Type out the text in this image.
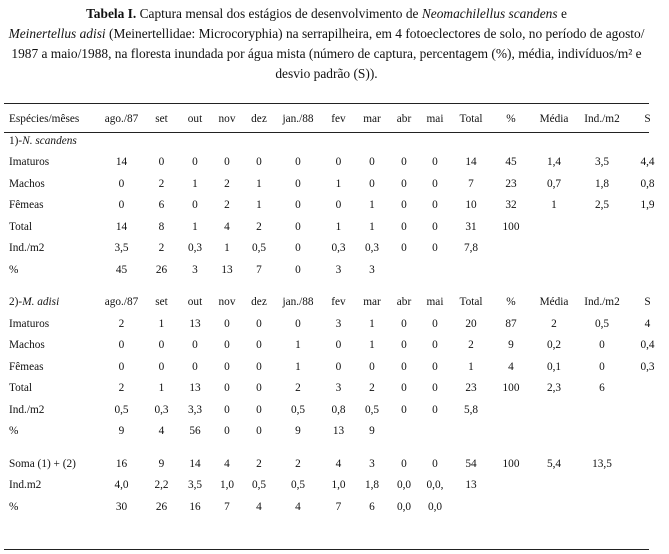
Tabela I. Captura mensal dos estágios de desenvolvimento de Neomachilellus scandens e
Meinertellus adisi (Meinertellidae: Microcoryphia) na serrapilheira, em 4 fotoeclectores de solo, no período de agosto/ 1987 a maio/1988, na floresta inundada por água mista (número de captura, percentagem (%), média, indivíduos/m² e desvio padrão (S)).
Espécies/mêses	ago./87	set	out	nov	dez	jan./88	fev	mar	abr	mai	Total	%	Média	Ind./m2	S
1)-N. scandens															
Imaturos	14	0	0	0	0	0	0	0	0	0	14	45	1,4	3,5	4,4
Machos	0	2	1	2	1	0	1	0	0	0	7	23	0,7	1,8	0,8
Fêmeas	0	6	0	2	1	0	0	1	0	0	10	32	1	2,5	1,9
Total	14	8	1	4	2	0	1	1	0	0	31	100			
Ind./m2	3,5	2	0,3	1	0,5	0	0,3	0,3	0	0	7,8				
%	45	26	3	13	7	0	3	3							

2)-M. adisi	ago./87	set	out	nov	dez	jan./88	fev	mar	abr	mai	Total	%	Média	Ind./m2	S
Imaturos	2	1	13	0	0	0	3	1	0	0	20	87	2	0,5	4
Machos	0	0	0	0	0	1	0	1	0	0	2	9	0,2	0	0,4
Fêmeas	0	0	0	0	0	1	0	0	0	0	1	4	0,1	0	0,3
Total	2	1	13	0	0	2	3	2	0	0	23	100	2,3	6	
Ind./m2	0,5	0,3	3,3	0	0	0,5	0,8	0,5	0	0	5,8				
%	9	4	56	0	0	9	13	9							

Soma (1) + (2)	16	9	14	4	2	2	4	3	0	0	54	100	5,4	13,5	
Ind.m2	4,0	2,2	3,5	1,0	0,5	0,5	1,0	1,8	0,0	0,0,	13				
%	30	26	16	7	4	4	7	6	0,0	0,0					
